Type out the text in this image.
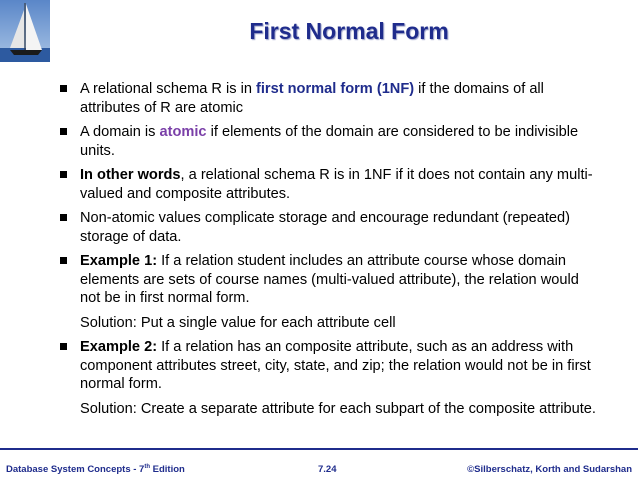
First Normal Form
A relational schema R is in first normal form (1NF) if the domains of all attributes of R are atomic
A domain is atomic if elements of the domain are considered to be indivisible units.
In other words, a relational schema R is in 1NF if it does not contain any multi-valued and composite attributes.
Non-atomic values complicate storage and encourage redundant (repeated) storage of data.
Example 1: If a relation student includes an attribute course whose domain elements are sets of course names (multi-valued attribute), the relation would not be in first normal form.
Solution: Put a single value for each attribute cell
Example 2: If a relation has an composite attribute, such as an address with component attributes street, city, state, and zip; the relation would not be in first normal form.
Solution: Create a separate attribute for each subpart of the composite attribute.
Database System Concepts - 7th Edition	7.24	©Silberschatz, Korth and Sudarshan
